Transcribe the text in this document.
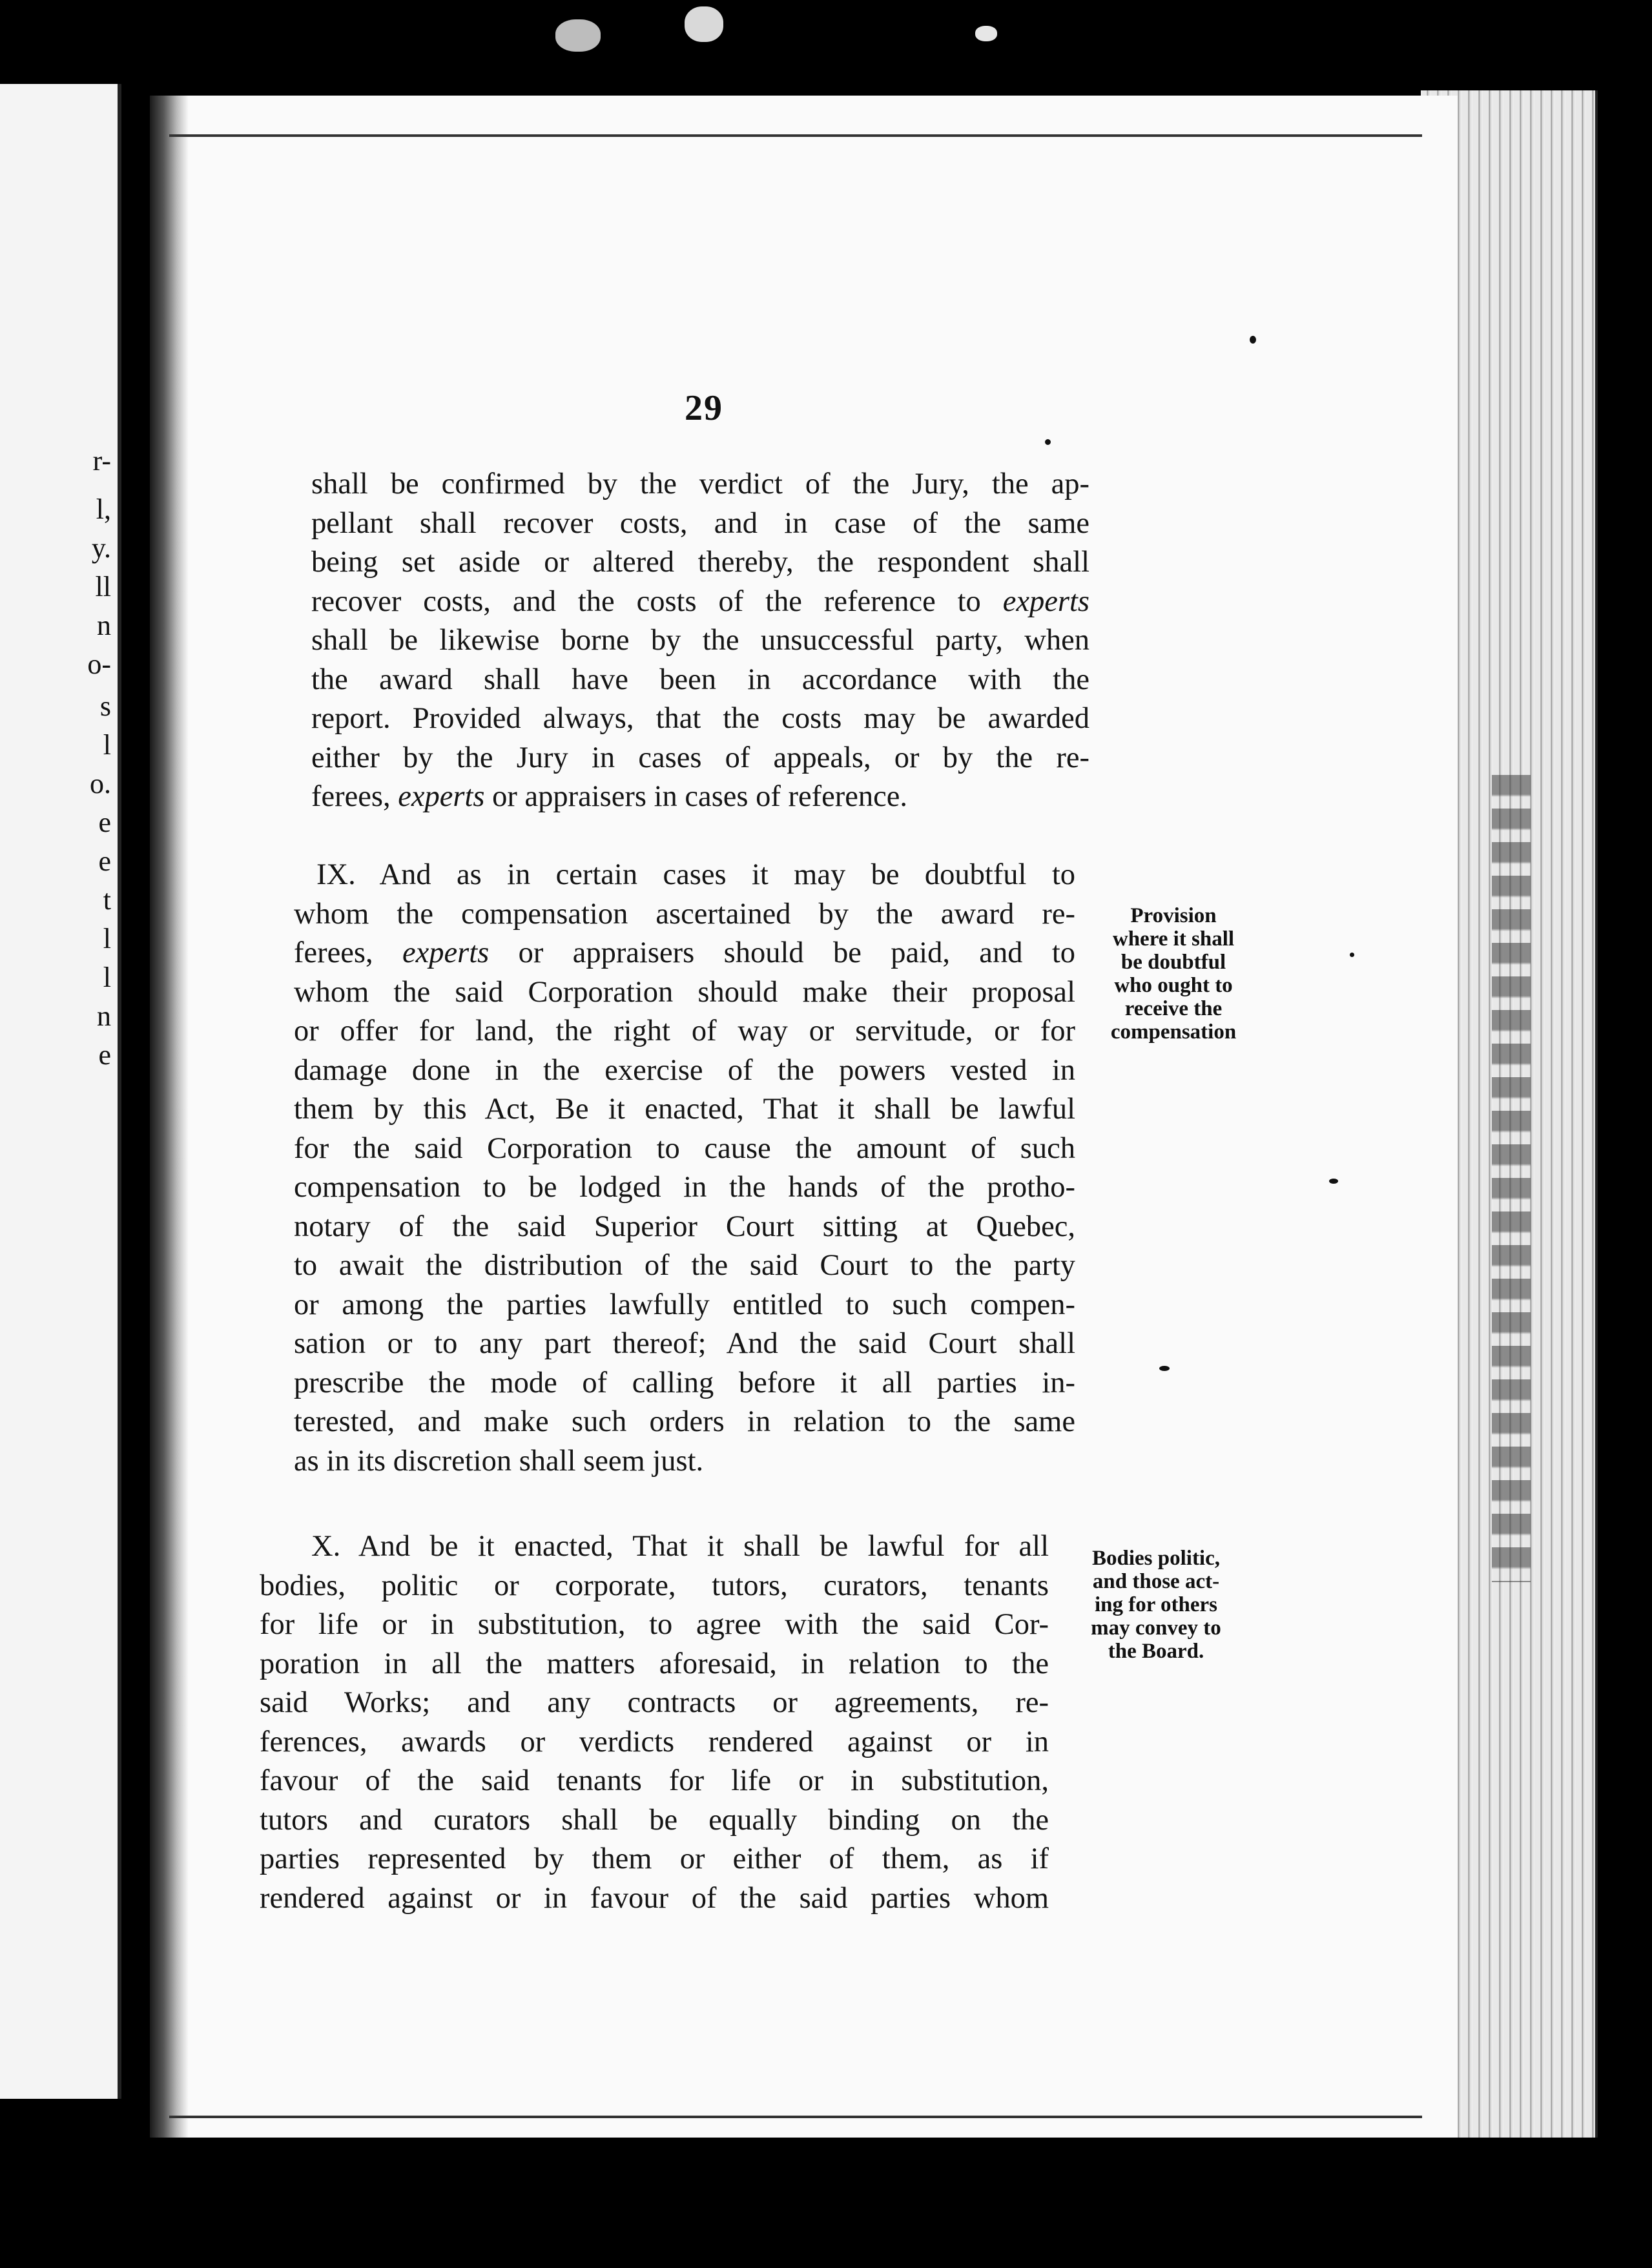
r-
l,
y.
ll
n
o-
s
l
o.
e
e
t
l
l
n
e
29
shall be confirmed by the verdict of the Jury, the ap-
pellant shall recover costs, and in case of the same
being set aside or altered thereby, the respondent shall
recover costs, and the costs of the reference to experts
shall be likewise borne by the unsuccessful party, when
the award shall have been in accordance with the
report. Provided always, that the costs may be awarded
either by the Jury in cases of appeals, or by the re-
ferees, experts or appraisers in cases of reference.
IX. And as in certain cases it may be doubtful to
whom the compensation ascertained by the award re-
ferees, experts or appraisers should be paid, and to
whom the said Corporation should make their proposal
or offer for land, the right of way or servitude, or for
damage done in the exercise of the powers vested in
them by this Act, Be it enacted, That it shall be lawful
for the said Corporation to cause the amount of such
compensation to be lodged in the hands of the protho-
notary of the said Superior Court sitting at Quebec,
to await the distribution of the said Court to the party
or among the parties lawfully entitled to such compen-
sation or to any part thereof; And the said Court shall
prescribe the mode of calling before it all parties in-
terested, and make such orders in relation to the same
as in its discretion shall seem just.
Provision
where it shall
be doubtful
who ought to
receive the
compensation
X. And be it enacted, That it shall be lawful for all
bodies, politic or corporate, tutors, curators, tenants
for life or in substitution, to agree with the said Cor-
poration in all the matters aforesaid, in relation to the
said Works; and any contracts or agreements, re-
ferences, awards or verdicts rendered against or in
favour of the said tenants for life or in substitution,
tutors and curators shall be equally binding on the
parties represented by them or either of them, as if
rendered against or in favour of the said parties whom
Bodies politic,
and those act-
ing for others
may convey to
the Board.
